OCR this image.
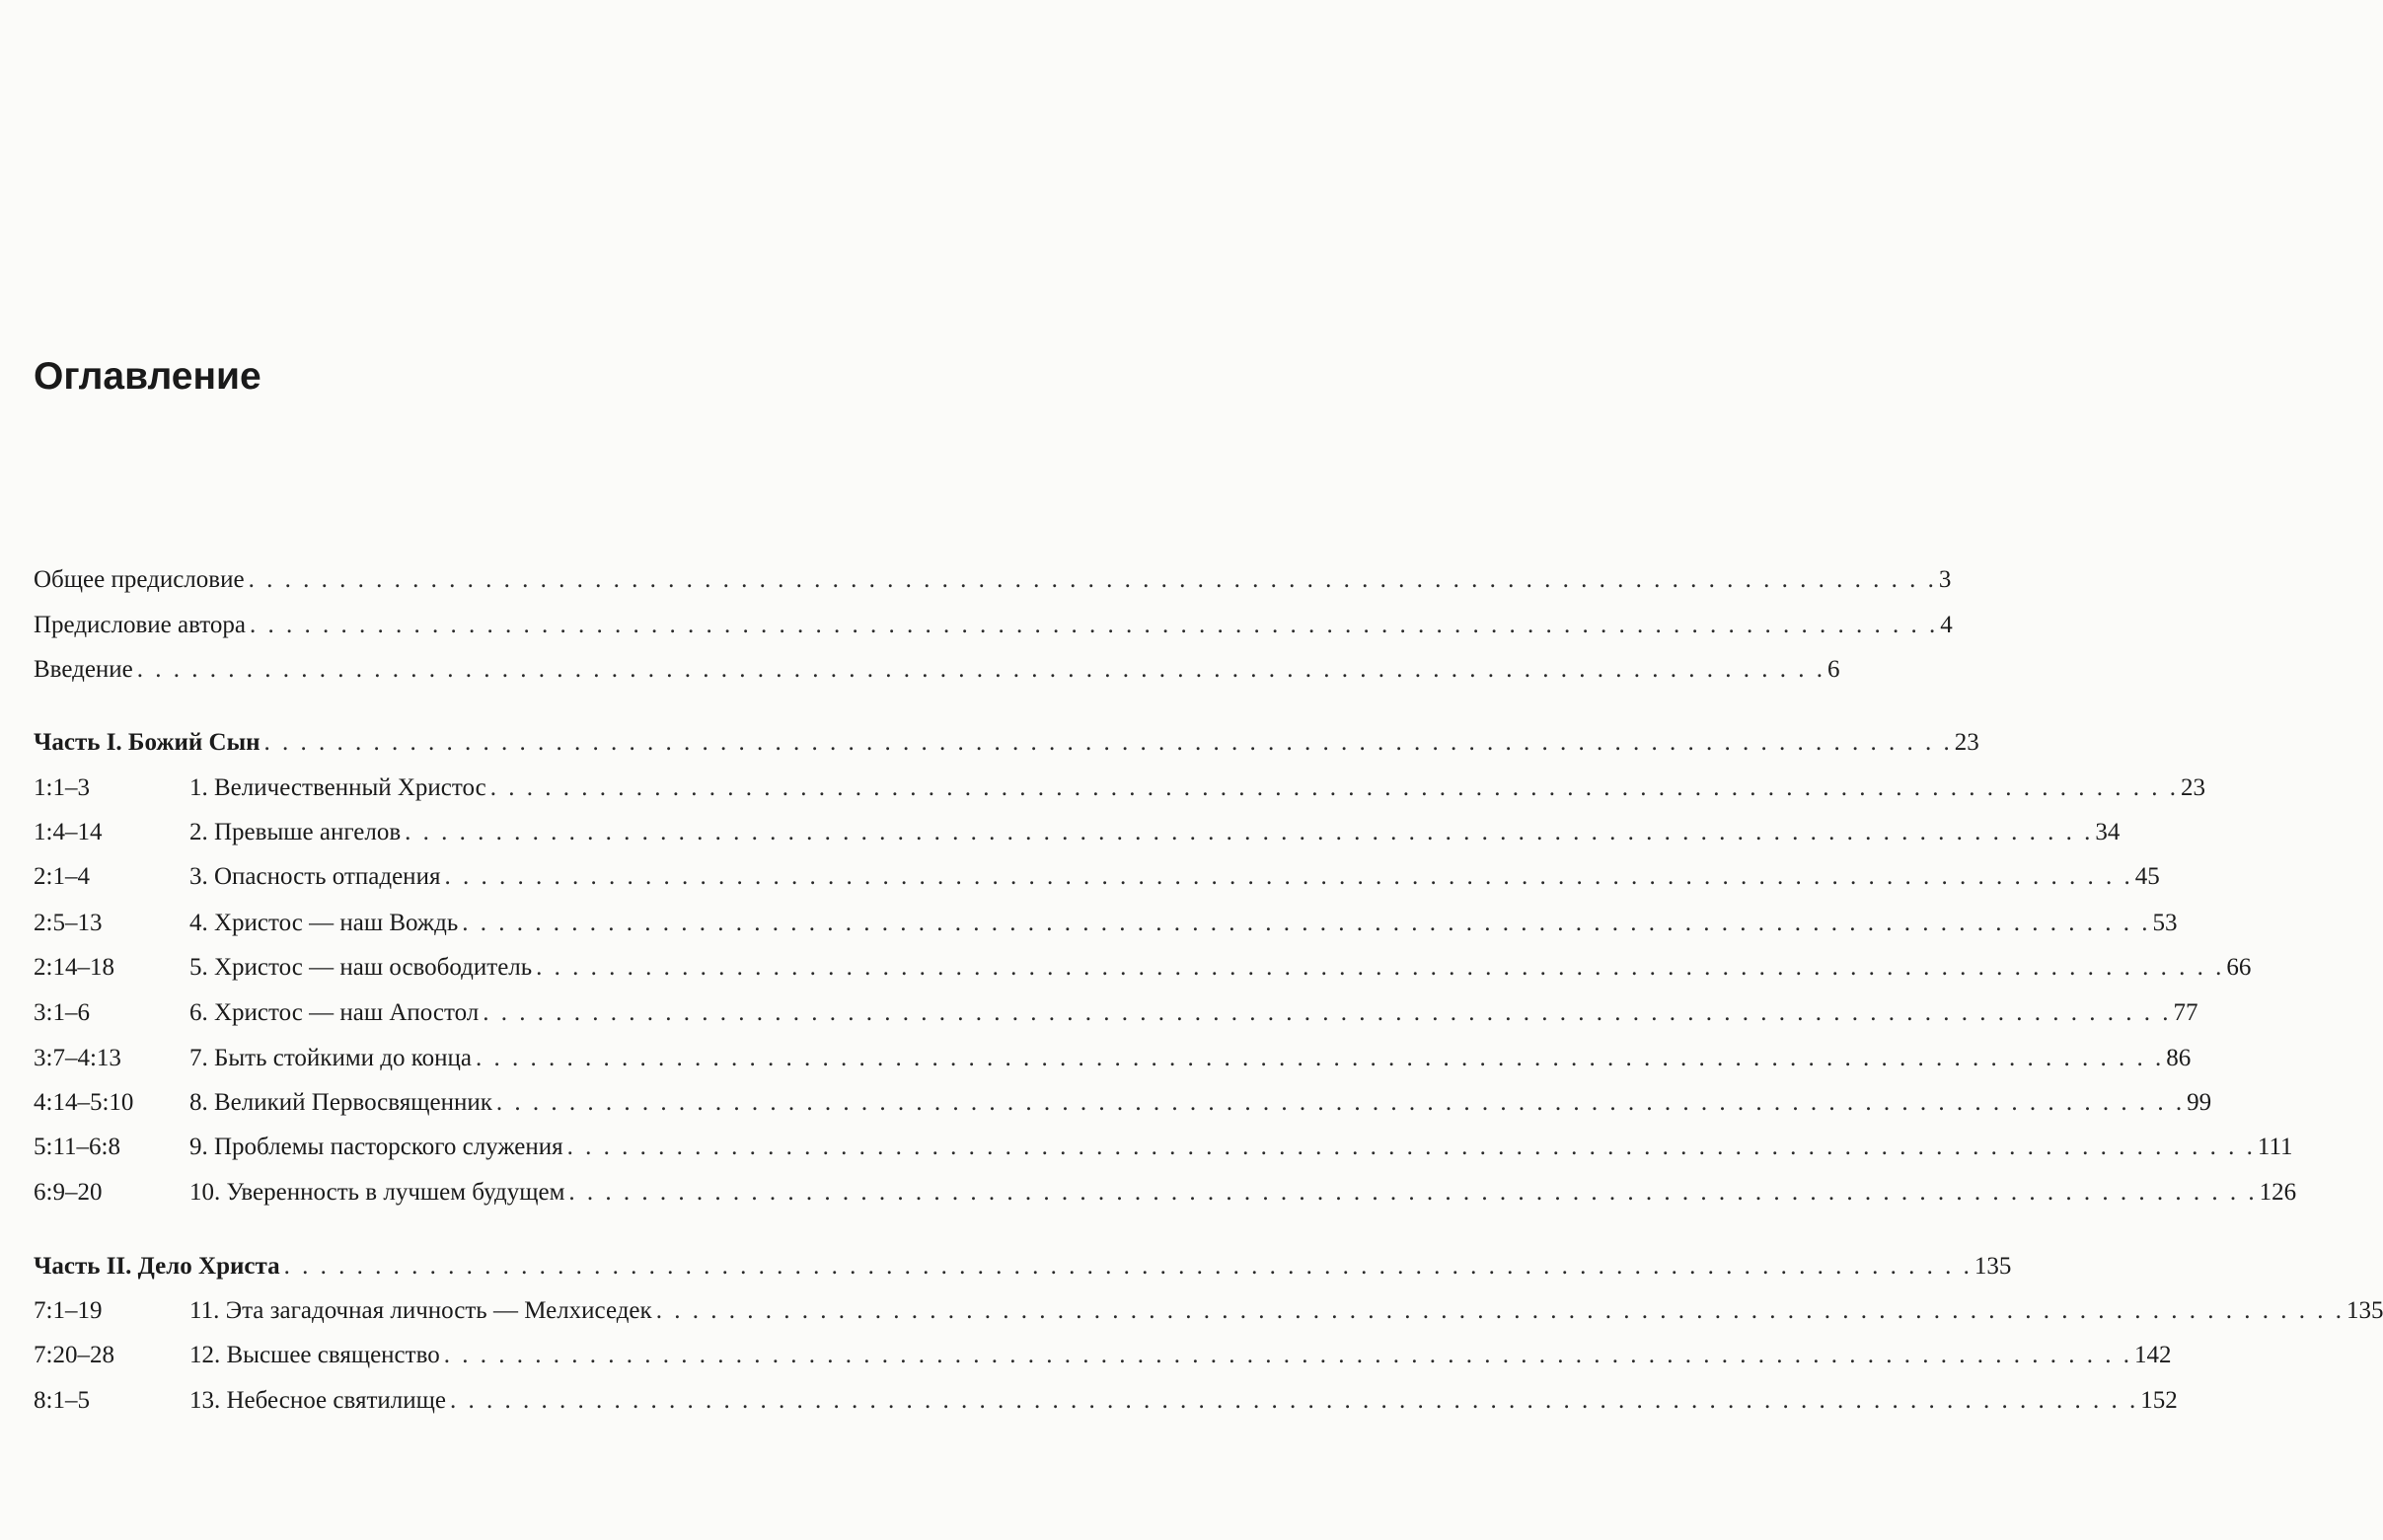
Оглавление
Общее предисловие . . . . . . . . . . . . . . . . . . . . . . . . . . . . . . . . . . . . . . . . . . . . . . . . . . . . . . . . . . . . . . . . . . . . . . . . . . . . . . . . . . . . . . . . . . . . . 3
Предисловие автора . . . . . . . . . . . . . . . . . . . . . . . . . . . . . . . . . . . . . . . . . . . . . . . . . . . . . . . . . . . . . . . . . . . . . . . . . . . . . . . . . . . . . . . . . . . . . 4
Введение . . . . . . . . . . . . . . . . . . . . . . . . . . . . . . . . . . . . . . . . . . . . . . . . . . . . . . . . . . . . . . . . . . . . . . . . . . . . . . . . . . . . . . . . . . . . . 6
Часть I. Божий Сын . . . . . . . . . . . . . . . . . . . . . . . . . . . . . . . . . . . . . . . . . . . . . . . . . . . . . . . . . . . . . . . . . . . . . . . . . . . . . . . . . . . . . . . . . . . . . 23
1:1–3	1. Величественный Христос . . . . . . . . . . . . . . . . . . . . . . . . . . . . . . . . . . . . . . . . . . . . . . . . . . . . . . . . . . . . . . . . . . . . . . . . . . . . . . . . . . . . . . . . . . . . . 23
1:4–14	2. Превыше ангелов . . . . . . . . . . . . . . . . . . . . . . . . . . . . . . . . . . . . . . . . . . . . . . . . . . . . . . . . . . . . . . . . . . . . . . . . . . . . . . . . . . . . . . . . . . . . . 34
2:1–4	3. Опасность отпадения . . . . . . . . . . . . . . . . . . . . . . . . . . . . . . . . . . . . . . . . . . . . . . . . . . . . . . . . . . . . . . . . . . . . . . . . . . . . . . . . . . . . . . . . . . . . . 45
2:5–13	4. Христос — наш Вождь . . . . . . . . . . . . . . . . . . . . . . . . . . . . . . . . . . . . . . . . . . . . . . . . . . . . . . . . . . . . . . . . . . . . . . . . . . . . . . . . . . . . . . . . . . . . . 53
2:14–18	5. Христос — наш освободитель . . . . . . . . . . . . . . . . . . . . . . . . . . . . . . . . . . . . . . . . . . . . . . . . . . . . . . . . . . . . . . . . . . . . . . . . . . . . . . . . . . . . . . . . . . . . . 66
3:1–6	6. Христос — наш Апостол . . . . . . . . . . . . . . . . . . . . . . . . . . . . . . . . . . . . . . . . . . . . . . . . . . . . . . . . . . . . . . . . . . . . . . . . . . . . . . . . . . . . . . . . . . . . . 77
3:7–4:13	7. Быть стойкими до конца . . . . . . . . . . . . . . . . . . . . . . . . . . . . . . . . . . . . . . . . . . . . . . . . . . . . . . . . . . . . . . . . . . . . . . . . . . . . . . . . . . . . . . . . . . . . . 86
4:14–5:10	8. Великий Первосвященник . . . . . . . . . . . . . . . . . . . . . . . . . . . . . . . . . . . . . . . . . . . . . . . . . . . . . . . . . . . . . . . . . . . . . . . . . . . . . . . . . . . . . . . . . . . . . 99
5:11–6:8	9. Проблемы пасторского служения . . . . . . . . . . . . . . . . . . . . . . . . . . . . . . . . . . . . . . . . . . . . . . . . . . . . . . . . . . . . . . . . . . . . . . . . . . . . . . . . . . . . . . . . . . . . . 111
6:9–20	10. Уверенность в лучшем будущем . . . . . . . . . . . . . . . . . . . . . . . . . . . . . . . . . . . . . . . . . . . . . . . . . . . . . . . . . . . . . . . . . . . . . . . . . . . . . . . . . . . . . . . . . . . . . 126
Часть II. Дело Христа . . . . . . . . . . . . . . . . . . . . . . . . . . . . . . . . . . . . . . . . . . . . . . . . . . . . . . . . . . . . . . . . . . . . . . . . . . . . . . . . . . . . . . . . . . . . . 135
7:1–19	11. Эта загадочная личность — Мелхиседек . . . . . . . . . . . . . . . . . . . . . . . . . . . . . . . . . . . . . . . . . . . . . . . . . . . . . . . . . . . . . . . . . . . . . . . . . . . . . . . . . . . . . . . . . . . . . 135
7:20–28	12. Высшее священство . . . . . . . . . . . . . . . . . . . . . . . . . . . . . . . . . . . . . . . . . . . . . . . . . . . . . . . . . . . . . . . . . . . . . . . . . . . . . . . . . . . . . . . . . . . . . 142
8:1–5	13. Небесное святилище . . . . . . . . . . . . . . . . . . . . . . . . . . . . . . . . . . . . . . . . . . . . . . . . . . . . . . . . . . . . . . . . . . . . . . . . . . . . . . . . . . . . . . . . . . . . . 152
